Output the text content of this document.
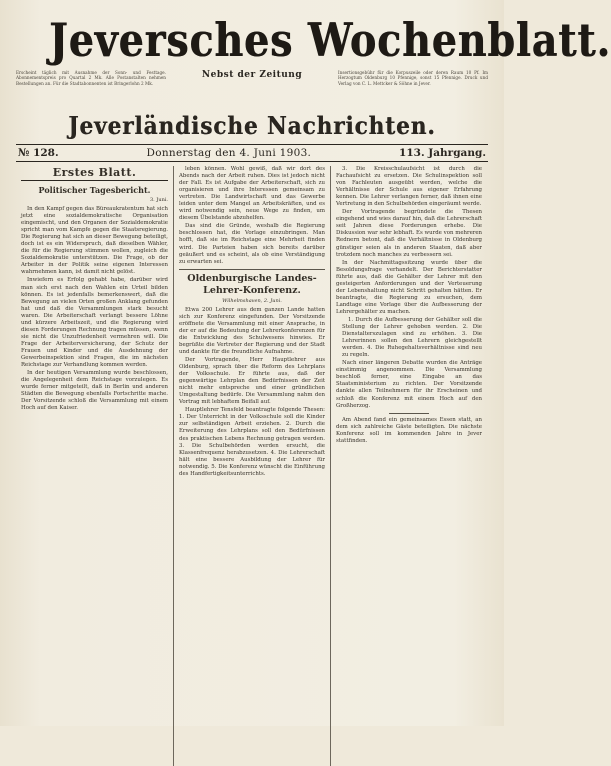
Jeversches Wochenblatt.
Erscheint täglich mit Ausnahme der Sonn- und Festtage. Abonnementspreis pro Quartal 2 Mk. Alle Postanstalten nehmen Bestellungen an. Für die Stadtabonnenten ist Bringerlohn 2 Mk.
Nebst der Zeitung	Insertionsgebühr für die Korpuszeile oder deren Raum 10 Pf. Im Herzogtum Oldenburg 10 Pfennige, sonst 15 Pfennige. Druck und Verlag von C. L. Mettcker & Söhne in Jever.
Jeverländische Nachrichten.
№ 128.	Donnerstag den 4. Juni 1903.	113. Jahrgang.
Erstes Blatt.
Politischer Tagesbericht.
3. Juni.

In den Kampf gegen das Büreaukratentum hat sich jetzt eine sozialdemokratische Organisation eingemischt, und den Organen der Sozialdemokratie spricht man vom Kampfe gegen die Staatsregierung. Die Regierung hat sich an dieser Bewegung beteiligt, doch ist es ein Widerspruch, daß dieselben Wähler, die für die Regierung stimmen wollen, zugleich die Sozialdemokratie unterstützen. Die Frage, ob der Arbeiter in der Politik seine eigenen Interessen wahrnehmen kann, ist damit nicht gelöst.

Inwiefern es Erfolg gehabt habe, darüber wird man sich erst nach den Wahlen ein Urteil bilden können. Es ist jedenfalls bemerkenswert, daß die Bewegung an vielen Orten großen Anklang gefunden hat und daß die Versammlungen stark besucht waren. Die Arbeiterschaft verlangt bessere Löhne und kürzere Arbeitszeit, und die Regierung wird diesen Forderungen Rechnung tragen müssen, wenn sie nicht die Unzufriedenheit vermehren will. Die Frage der Arbeiterversicherung, der Schutz der Frauen und Kinder und die Ausdehnung der Gewerbeinspektion sind Fragen, die im nächsten Reichstage zur Verhandlung kommen werden.

In der heutigen Versammlung wurde beschlossen, die Angelegenheit dem Reichstage vorzulegen. Es wurde ferner mitgeteilt, daß in Berlin und anderen Städten die Bewegung ebenfalls Fortschritte mache. Der Vorsitzende schloß die Versammlung mit einem Hoch auf den Kaiser.

leben können. Wohl gewiß, daß wir dort des Abends nach der Arbeit ruhen. Dies ist jedoch nicht der Fall. Es ist Aufgabe der Arbeiterschaft, sich zu organisieren und ihre Interessen gemeinsam zu vertreten. Die Landwirtschaft und das Gewerbe leiden unter dem Mangel an Arbeitskräften, und es wird notwendig sein, neue Wege zu finden, um diesem Übelstande abzuhelfen.

Das sind die Gründe, weshalb die Regierung beschlossen hat, die Vorlage einzubringen. Man hofft, daß sie im Reichstage eine Mehrheit finden wird. Die Parteien haben sich bereits darüber geäußert und es scheint, als ob eine Verständigung zu erwarten sei.

Oldenburgische Landes-Lehrer-Konferenz.
Wilhelmshaven, 2. Juni.

Etwa 200 Lehrer aus dem ganzen Lande hatten sich zur Konferenz eingefunden. Der Vorsitzende eröffnete die Versammlung mit einer Ansprache, in der er auf die Bedeutung der Lehrerkonferenzen für die Entwicklung des Schulwesens hinwies. Er begrüßte die Vertreter der Regierung und der Stadt und dankte für die freundliche Aufnahme.

Der Vortragende, Herr Hauptlehrer aus Oldenburg, sprach über die Reform des Lehrplans der Volksschule. Er führte aus, daß der gegenwärtige Lehrplan den Bedürfnissen der Zeit nicht mehr entspreche und einer gründlichen Umgestaltung bedürfe. Die Versammlung nahm den Vortrag mit lebhaftem Beifall auf.

Hauptlehrer Tensfeld beantragte folgende Thesen: 1. Der Unterricht in der Volksschule soll die Kinder zur selbständigen Arbeit erziehen. 2. Durch die Erweiterung des Lehrplans soll den Bedürfnissen des praktischen Lebens Rechnung getragen werden. 3. Die Schulbehörden werden ersucht, die Klassenfrequenz herabzusetzen. 4. Die Lehrerschaft hält eine bessere Ausbildung der Lehrer für notwendig. 5. Die Konferenz wünscht die Einführung des Handfertigkeitsunterrichts.

3. Die Kreisschulaufsicht ist durch die Fachaufsicht zu ersetzen. Die Schulinspektion soll von Fachleuten ausgeübt werden, welche die Verhältnisse der Schule aus eigener Erfahrung kennen. Die Lehrer verlangen ferner, daß ihnen eine Vertretung in den Schulbehörden eingeräumt werde.

Der Vortragende begründete die Thesen eingehend und wies darauf hin, daß die Lehrerschaft seit Jahren diese Forderungen erhebe. Die Diskussion war sehr lebhaft. Es wurde von mehreren Rednern betont, daß die Verhältnisse in Oldenburg günstiger seien als in anderen Staaten, daß aber trotzdem noch manches zu verbessern sei.

In der Nachmittagssitzung wurde über die Besoldungsfrage verhandelt. Der Berichterstatter führte aus, daß die Gehälter der Lehrer mit den gesteigerten Anforderungen und der Verteuerung der Lebenshaltung nicht Schritt gehalten hätten. Er beantragte, die Regierung zu ersuchen, dem Landtage eine Vorlage über die Aufbesserung der Lehrergehälter zu machen.

1. Durch die Aufbesserung der Gehälter soll die Stellung der Lehrer gehoben werden. 2. Die Dienstalterszulagen sind zu erhöhen. 3. Die Lehrerinnen sollen den Lehrern gleichgestellt werden. 4. Die Ruhegehaltsverhältnisse sind neu zu regeln.

Nach einer längeren Debatte wurden die Anträge einstimmig angenommen. Die Versammlung beschloß ferner, eine Eingabe an das Staatsministerium zu richten. Der Vorsitzende dankte allen Teilnehmern für ihr Erscheinen und schloß die Konferenz mit einem Hoch auf den Großherzog.

Am Abend fand ein gemeinsames Essen statt, an dem sich zahlreiche Gäste beteiligten. Die nächste Konferenz soll im kommenden Jahre in Jever stattfinden.
